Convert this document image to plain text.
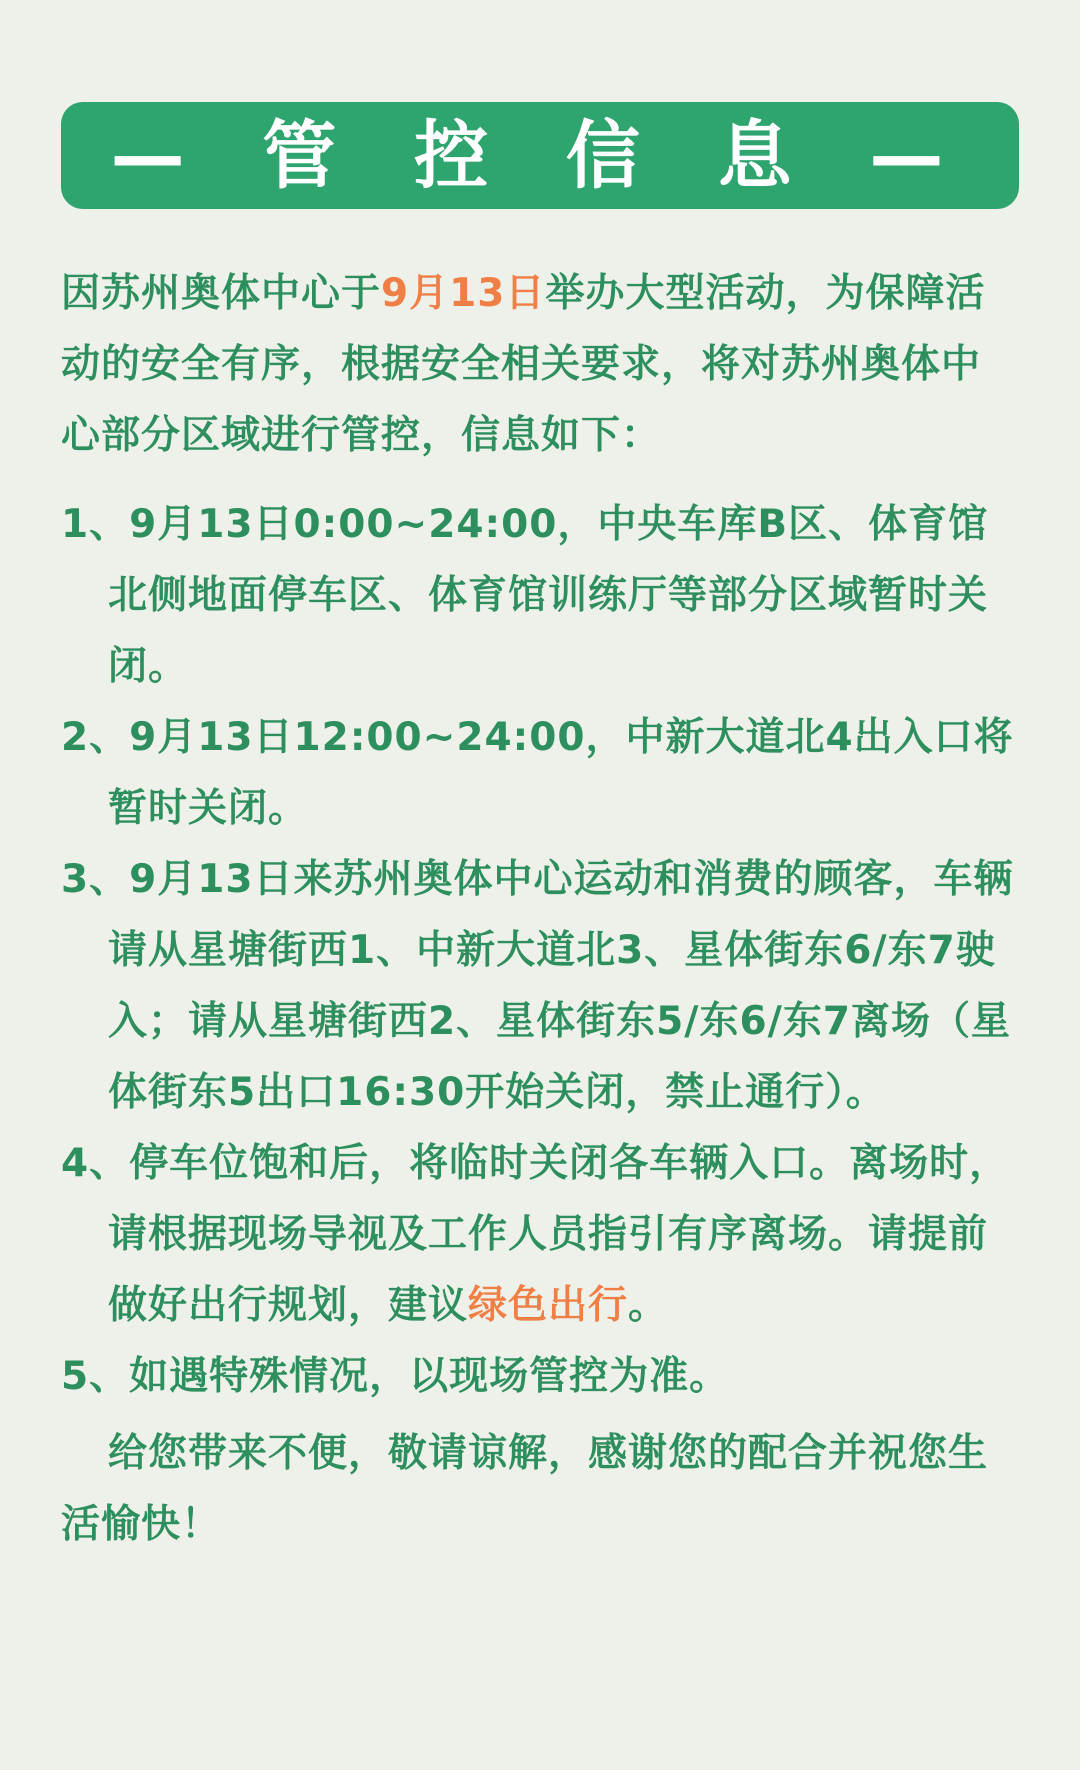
— 管 控 信 息 —

因苏州奥体中心于9月13日举办大型活动，为保障活动的安全有序，根据安全相关要求，将对苏州奥体中心部分区域进行管控，信息如下：

1、9月13日0:00~24:00，中央车库B区、体育馆北侧地面停车区、体育馆训练厅等部分区域暂时关闭。

2、9月13日12:00~24:00，中新大道北4出入口将暂时关闭。

3、9月13日来苏州奥体中心运动和消费的顾客，车辆请从星塘街西1、中新大道北3、星体街东6/东7驶入；请从星塘街西2、星体街东5/东6/东7离场（星体街东5出口16:30开始关闭，禁止通行）。

4、停车位饱和后，将临时关闭各车辆入口。离场时，请根据现场导视及工作人员指引有序离场。请提前做好出行规划，建议绿色出行。

5、如遇特殊情况，以现场管控为准。

给您带来不便，敬请谅解，感谢您的配合并祝您生活愉快！
